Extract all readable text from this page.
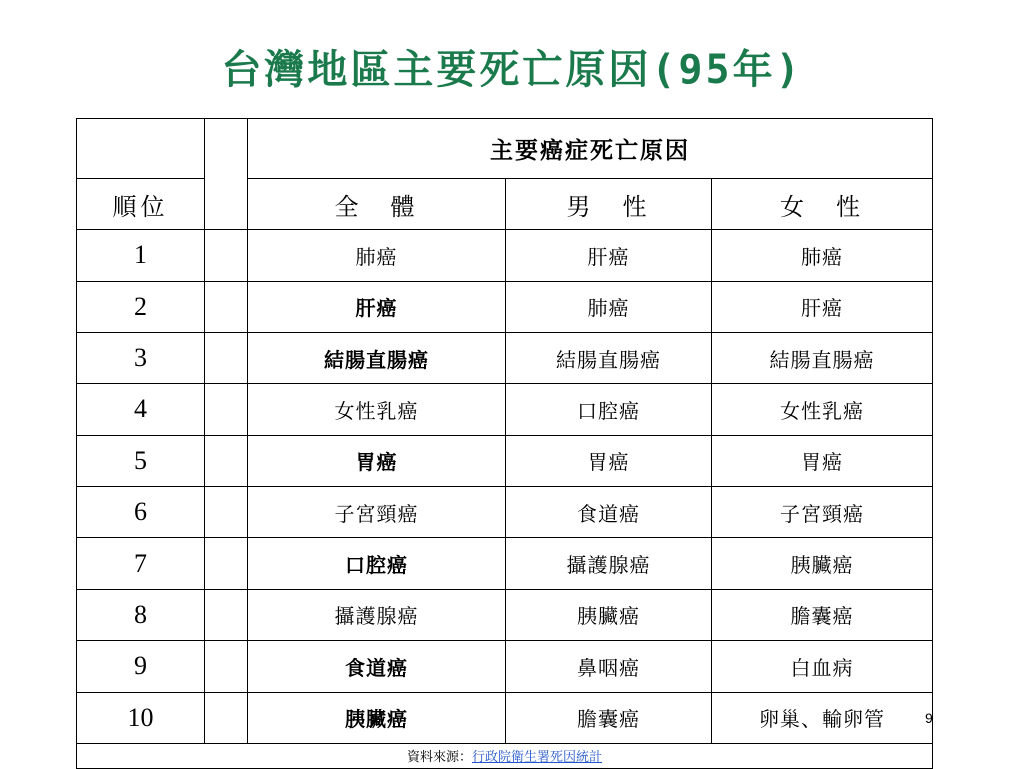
台灣地區主要死亡原因(95年)
		主要癌症死亡原因		
順位		全　體	男　性	女　性
1		肺癌	肝癌	肺癌
2		肝癌	肺癌	肝癌
3		結腸直腸癌	結腸直腸癌	結腸直腸癌
4		女性乳癌	口腔癌	女性乳癌
5		胃癌	胃癌	胃癌
6		子宮頸癌	食道癌	子宮頸癌
7		口腔癌	攝護腺癌	胰臟癌
8		攝護腺癌	胰臟癌	膽囊癌
9		食道癌	鼻咽癌	白血病
10		胰臟癌	膽囊癌	卵巢、輸卵管
資料來源：行政院衛生署死因統計				
9
